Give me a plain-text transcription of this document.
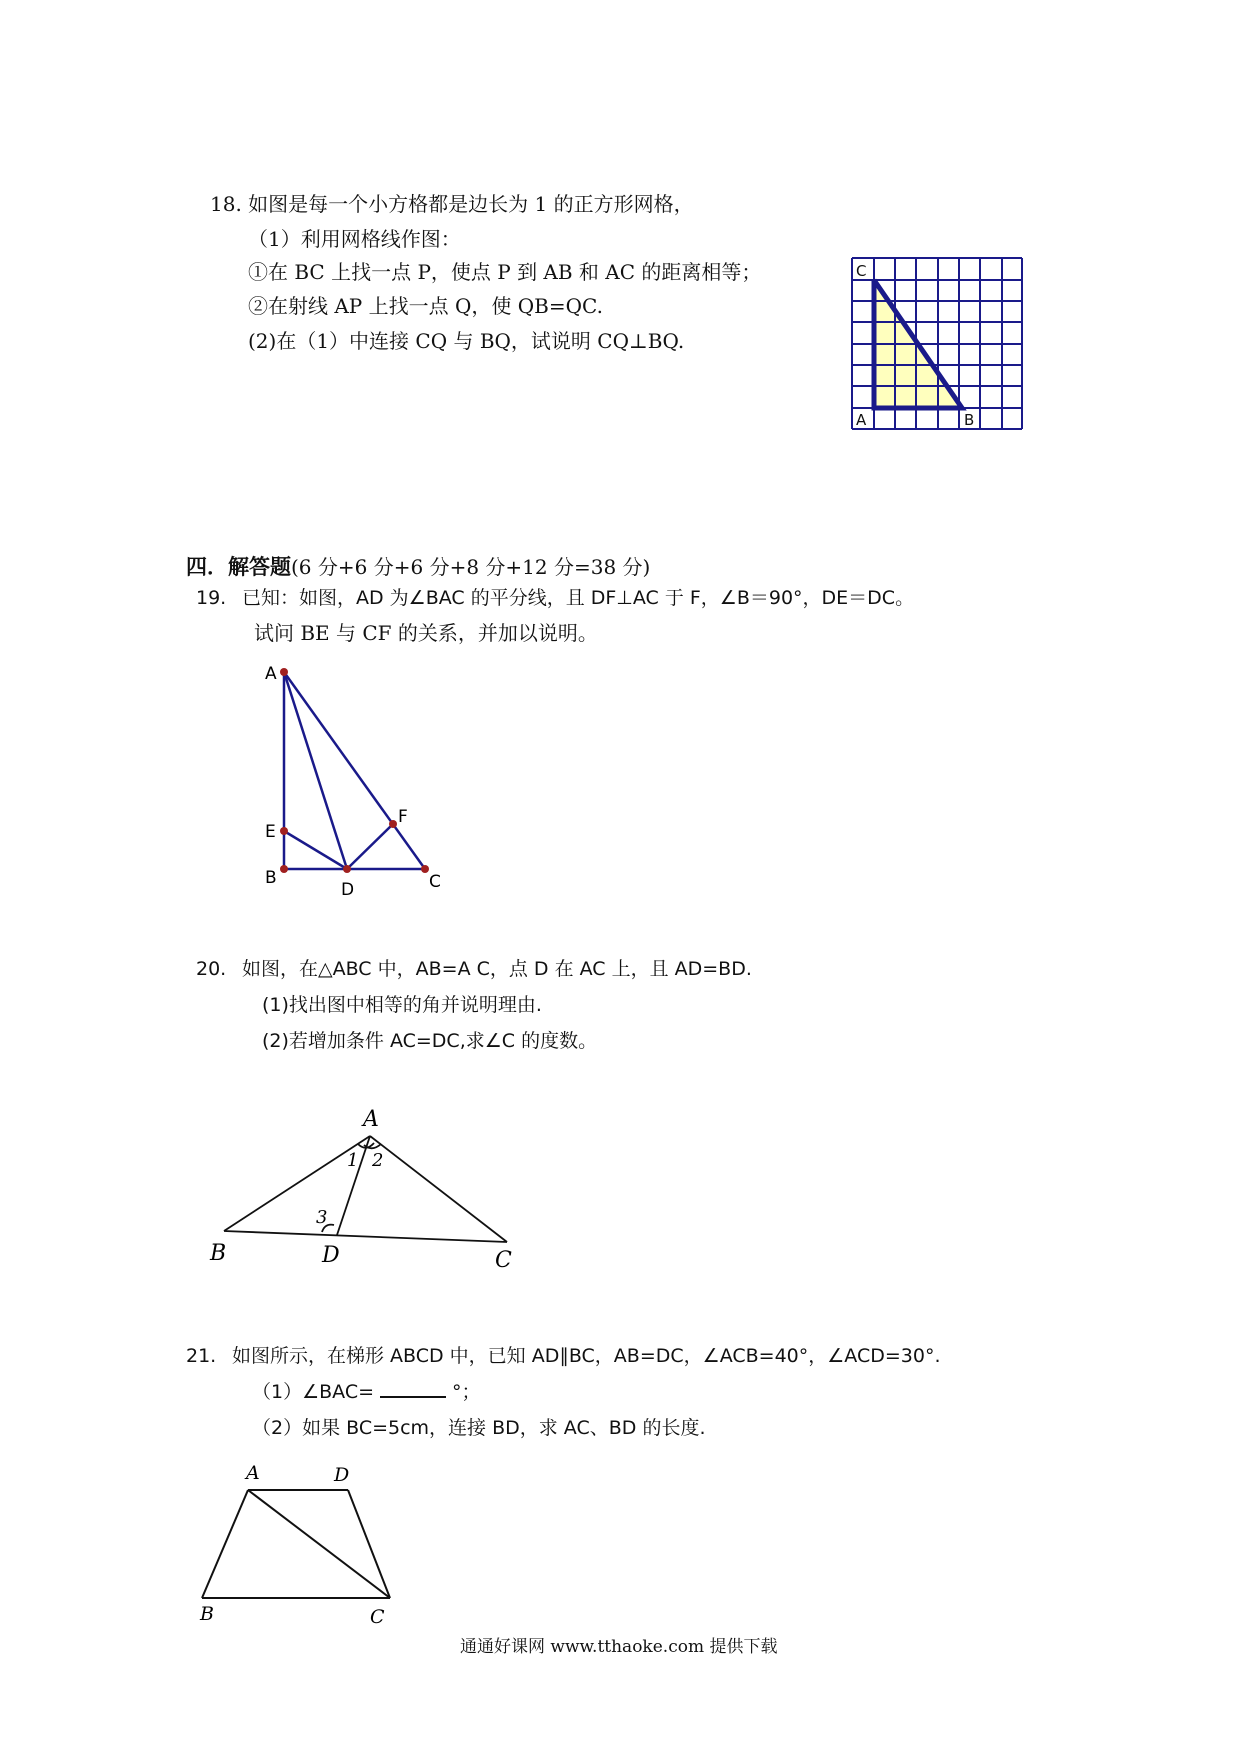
18. 如图是每一个小方格都是边长为 1 的正方形网格，
（1）利用网格线作图：
①在 BC 上找一点 P，使点 P 到 AB 和 AC 的距离相等；
②在射线 AP 上找一点 Q，使 QB=QC.
(2)在（1）中连接 CQ 与 BQ，试说明 CQ⊥BQ.
C
A	B
四．解答题(6 分+6 分+6 分+8 分+12 分=38 分)
19. 已知：如图，AD 为∠BAC 的平分线，且 DF⊥AC 于 F，∠B＝90°，DE＝DC。
试问 BE 与 CF 的关系，并加以说明。
A
E
B
D
F
C
20. 如图，在△ABC 中，AB=A C，点 D 在 AC 上，且 AD=BD.
(1)找出图中相等的角并说明理由.
(2)若增加条件 AC=DC,求∠C 的度数。
A
B	D	C
1 2
3
21. 如图所示，在梯形 ABCD 中，已知 AD∥BC，AB=DC，∠ACB=40°，∠ACD=30°.
（1）∠BAC=	°；
（2）如果 BC=5cm，连接 BD，求 AC、BD 的长度.
A	D
B	C
通通好课网 www.tthaoke.com 提供下载
